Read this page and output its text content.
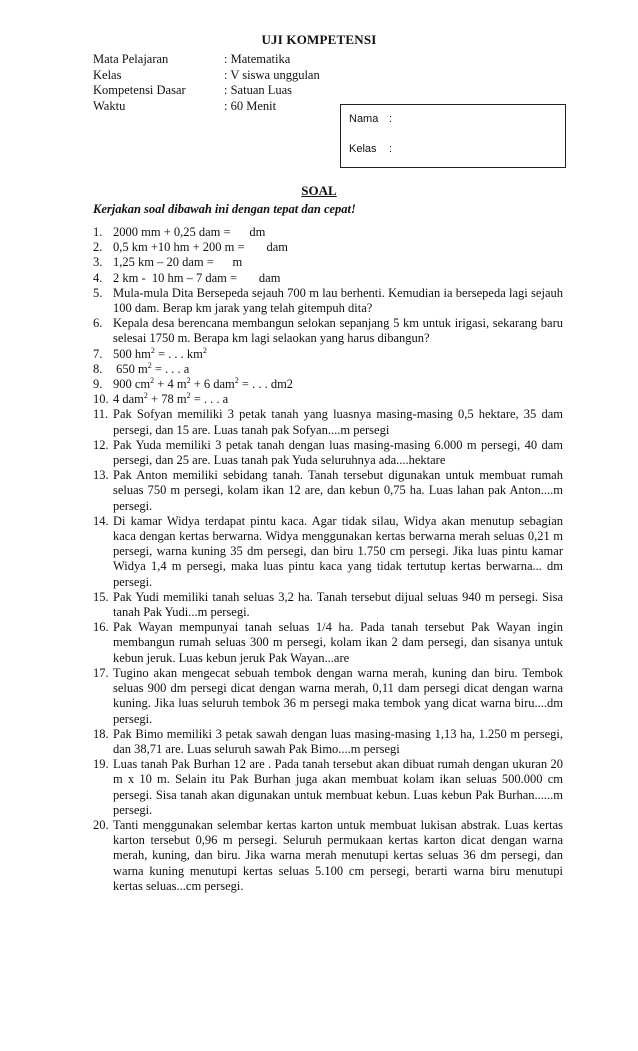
UJI KOMPETENSI
Mata Pelajaran	: Matematika
Kelas	: V siswa unggulan
Kompetensi Dasar	: Satuan Luas
Waktu	: 60 Menit
Nama :
Kelas	:
SOAL
Kerjakan soal dibawah ini dengan tepat dan cepat!
1. 2000 mm + 0,25 dam =      dm
2. 0,5 km +10 hm + 200 m =       dam
3. 1,25 km – 20 dam =      m
4. 2 km -  10 hm – 7 dam =       dam
5. Mula-mula Dita Bersepeda sejauh 700 m lau berhenti. Kemudian ia bersepeda lagi sejauh 100 dam. Berap km jarak yang telah gitempuh dita?
6. Kepala desa berencana membangun selokan sepanjang 5 km untuk irigasi, sekarang baru selesai 1750 m. Berapa km lagi selaokan yang harus dibangun?
7. 500 $hm^2$ = . . . $km^2$
8. 650 $m^2$ = . . . a
9. 900 $cm^2 + 4$ $m^2 + 6$ dam$^2$ = . . . dm2
10. 4 dam$^2$ + 78 $m^2$ = . . . a
11. Pak Sofyan memiliki 3 petak tanah yang luasnya masing-masing 0,5 hektare, 35 dam persegi, dan 15 are. Luas tanah pak Sofyan....m persegi
12. Pak Yuda memiliki 3 petak tanah dengan luas masing-masing 6.000 m persegi, 40 dam persegi, dan 25 are. Luas tanah pak Yuda seluruhnya ada....hektare
13. Pak Anton memiliki sebidang tanah. Tanah tersebut digunakan untuk membuat rumah seluas 750 m persegi, kolam ikan 12 are, dan kebun 0,75 ha. Luas lahan pak Anton....m persegi.
14. Di kamar Widya terdapat pintu kaca. Agar tidak silau, Widya akan menutup sebagian kaca dengan kertas berwarna. Widya menggunakan kertas berwarna merah seluas 0,21 m persegi, warna kuning 35 dm persegi, dan biru 1.750 cm persegi. Jika luas pintu kamar Widya 1,4 m persegi, maka luas pintu kaca yang tidak tertutup kertas berwarna... dm persegi.
15. Pak Yudi memiliki tanah seluas 3,2 ha. Tanah tersebut dijual seluas 940 m persegi. Sisa tanah Pak Yudi...m persegi.
16. Pak Wayan mempunyai tanah seluas 1/4 ha. Pada tanah tersebut Pak Wayan ingin membangun rumah seluas 300 m persegi, kolam ikan 2 dam persegi, dan sisanya untuk kebun jeruk. Luas kebun jeruk Pak Wayan...are
17. Tugino akan mengecat sebuah tembok dengan warna merah, kuning dan biru. Tembok seluas 900 dm persegi dicat dengan warna merah, 0,11 dam persegi dicat dengan warna kuning. Jika luas seluruh tembok 36 m persegi maka tembok yang dicat warna biru....dm persegi.
18. Pak Bimo memiliki 3 petak sawah dengan luas masing-masing 1,13 ha, 1.250 m persegi, dan 38,71 are. Luas seluruh sawah Pak Bimo....m persegi
19. Luas tanah Pak Burhan 12 are . Pada tanah tersebut akan dibuat rumah dengan ukuran 20 m x 10 m. Selain itu Pak Burhan juga akan membuat kolam ikan seluas 500.000 cm persegi. Sisa tanah akan digunakan untuk membuat kebun. Luas kebun Pak Burhan......m persegi.
20. Tanti menggunakan selembar kertas karton untuk membuat lukisan abstrak. Luas kertas karton tersebut 0,96 m persegi. Seluruh permukaan kertas karton dicat dengan warna merah, kuning, dan biru. Jika warna merah menutupi kertas seluas 36 dm persegi, dan warna kuning menutupi kertas seluas 5.100 cm persegi, berarti warna biru menutupi kertas seluas...cm persegi.
